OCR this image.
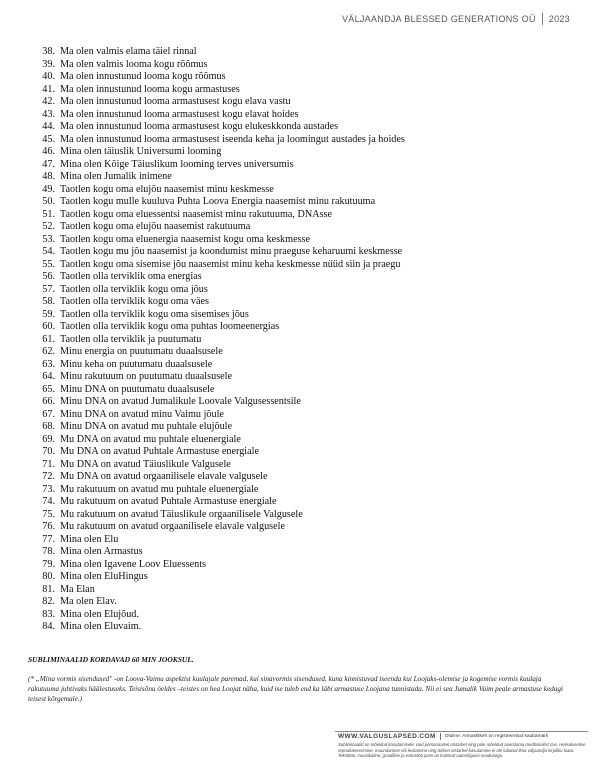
VÄLJAANDJA BLESSED GENERATIONS OÜ 2023
38. Ma olen valmis elama täiel rinnal
39. Ma olen valmis looma kogu rõõmus
40. Ma olen innustunud looma kogu rõõmus
41. Ma olen innustunud looma kogu armastuses
42. Ma olen innustunud looma armastusest kogu elava vastu
43. Ma olen innustunud looma armastusest kogu elavat hoides
44. Ma olen innustunud looma armastusest kogu elukeskkonda austades
45. Ma olen innustunud looma armastusest iseenda keha ja loomingut austades ja hoides
46. Mina olen täiuslik Universumi looming
47. Mina olen Kõige Täiuslikum looming terves universumis
48. Mina olen Jumalik inimene
49. Taotlen kogu oma elujõu naasemist minu keskmesse
50. Taotlen kogu mulle kuuluva Puhta Loova Energia naasemist minu rakutuuma
51. Taotlen kogu oma eluessentsi naasemist minu rakutuuma, DNAsse
52. Taotlen kogu oma elujõu naasemist rakutuuma
53. Taotlen kogu oma eluenergia naasemist kogu oma keskmesse
54. Taotlen kogu mu jõu naasemist ja koondumist minu praeguse keharuumi keskmesse
55. Taotlen kogu oma sisemise jõu naasemist minu keha keskmesse nüüd siin ja praegu
56. Taotlen olla terviklik oma energias
57. Taotlen olla terviklik kogu oma jõus
58. Taotlen olla terviklik kogu oma väes
59. Taotlen olla terviklik kogu oma sisemises jõus
60. Taotlen olla terviklik kogu oma puhtas loomeenergias
61. Taotlen olla terviklik ja puutumatu
62. Minu energia on puutumatu duaalsusele
63. Minu keha on puutumatu duaalsusele
64. Minu rakutuum on puutumatu duaalsusele
65. Minu DNA on puutumatu duaalsusele
66. Minu DNA on avatud Jumalikule Loovale Valgusessentsile
67. Minu DNA on avatud minu Vaimu jõule
68. Minu DNA on avatud mu puhtale elujõule
69. Mu DNA on avatud mu puhtale eluenergiale
70. Mu DNA on avatud Puhtale Armastuse energiale
71. Mu DNA on avatud Täiuslikule Valgusele
72. Mu DNA on avatud orgaanilisele elavale valgusele
73. Mu rakutuum on avatud mu puhtale eluenergiale
74. Mu rakutuum on avatud Puhtale Armastuse energiale
75. Mu rakutuum on avatud Täiuslikule orgaanilisele Valgusele
76. Mu rakutuum on avatud orgaanilisele elavale valgusele
77. Mina olen Elu
78. Mina olen Armastus
79. Mina olen Igavene Loov Eluessents
80. Mina olen EluHingus
81. Ma Elan
82. Ma olen Elav.
83. Mina olen Elujõud.
84. Mina olen Eluvaim.
SUBLIMINAALID KORDAVAD 60 MIN JOOKSUL.
(* „Mina vormis sisendused" -on Loova-Vaimu aspektist kuulajale paremad, kui sinavormis sisendused, kuna kinnistuvad iseenda kui Loojaks-olemise ja kogemise vormis kuulaja rakutuuma juhtivaks häälestuseks. Teisisõnu öeldes –teistes on hea Loojat näha, kuid ise tuleb end ka läbi armastuse Loojana tunnistada. Nii ei sea Jumalik Vaim peale armastuse kedagi teisest kõrgemale.)
WWW.VALGUSLAPSED.COM Oluline: Armastlikeh on registreeritud kaubamärk
Subliminaalid on mõeldud kasutamiseks vaid personaalsel otstarbel ning pole mõeldud asendama meditsiinilist ravi. Helisalvestise reprodutseerimine, muundamine või levitamine ning ärilisel otstarbel kasutamine ei ole lubatud ilma väljaandja kirjaliku loata. Tekstitöö, muusikaline, graafiline ja esitustöö jooni on kaitstud autoriõiguse seadusega.
